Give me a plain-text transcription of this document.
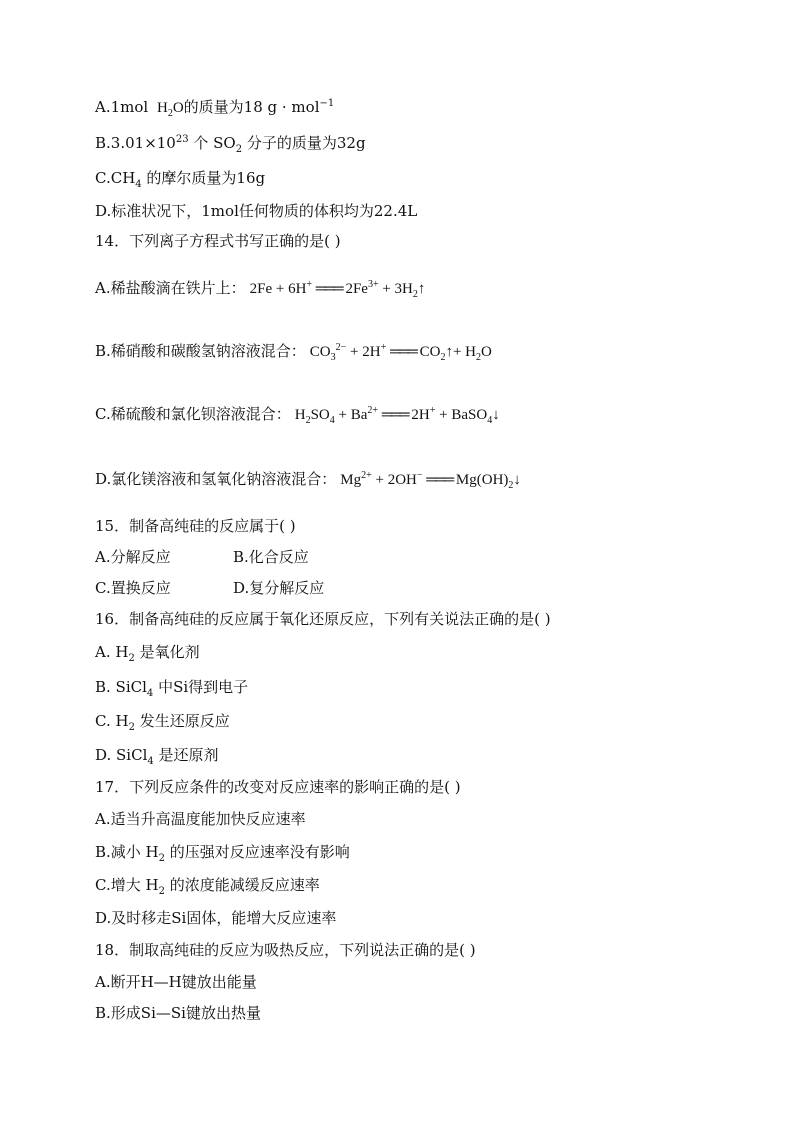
A.1mol $H_2O$的质量为18 g · mol$^{-1}$
$B.3.01\times 10^{23}$ 个 $SO_2$ 分子的质量为32g
$C.CH_4$ 的摩尔质量为16g
D.标准状况下，1mol任何物质的体积均为22.4L
14．下列离子方程式书写正确的是( )
A.稀盐酸滴在铁片上： 2Fe + 6H+ ═══ $2Fe^{3+}$ + $3H_2↑$
B.稀硝酸和碳酸氢钠溶液混合： $CO_3^{2-} + 2H^+$ ═══ $CO_2↑+ H_2O$
C.稀硫酸和氯化钡溶液混合： $H_2SO_4 + Ba^{2+}$ ═══ 2H+ + BaSO$_4$↓
D.氯化镁溶液和氢氧化钠溶液混合： $Mg^{2+} + 2OH^-$ ═══ $Mg(OH)_2↓$
15．制备高纯硅的反应属于( )
A.分解反应	B.化合反应
C.置换反应	D.复分解反应
16．制备高纯硅的反应属于氧化还原反应，下列有关说法正确的是( )
A. $H_2$ 是氧化剂
B. SiCl$_4$ 中Si得到电子
C. $H_2$ 发生还原反应
D. SiCl$_4$ 是还原剂
17．下列反应条件的改变对反应速率的影响正确的是( )
A.适当升高温度能加快反应速率
B.减小 $H_2$ 的压强对反应速率没有影响
C.增大 $H_2$ 的浓度能减缓反应速率
D.及时移走Si固体，能增大反应速率
18．制取高纯硅的反应为吸热反应，下列说法正确的是( )
A.断开H—H键放出能量
B.形成Si—Si键放出热量
